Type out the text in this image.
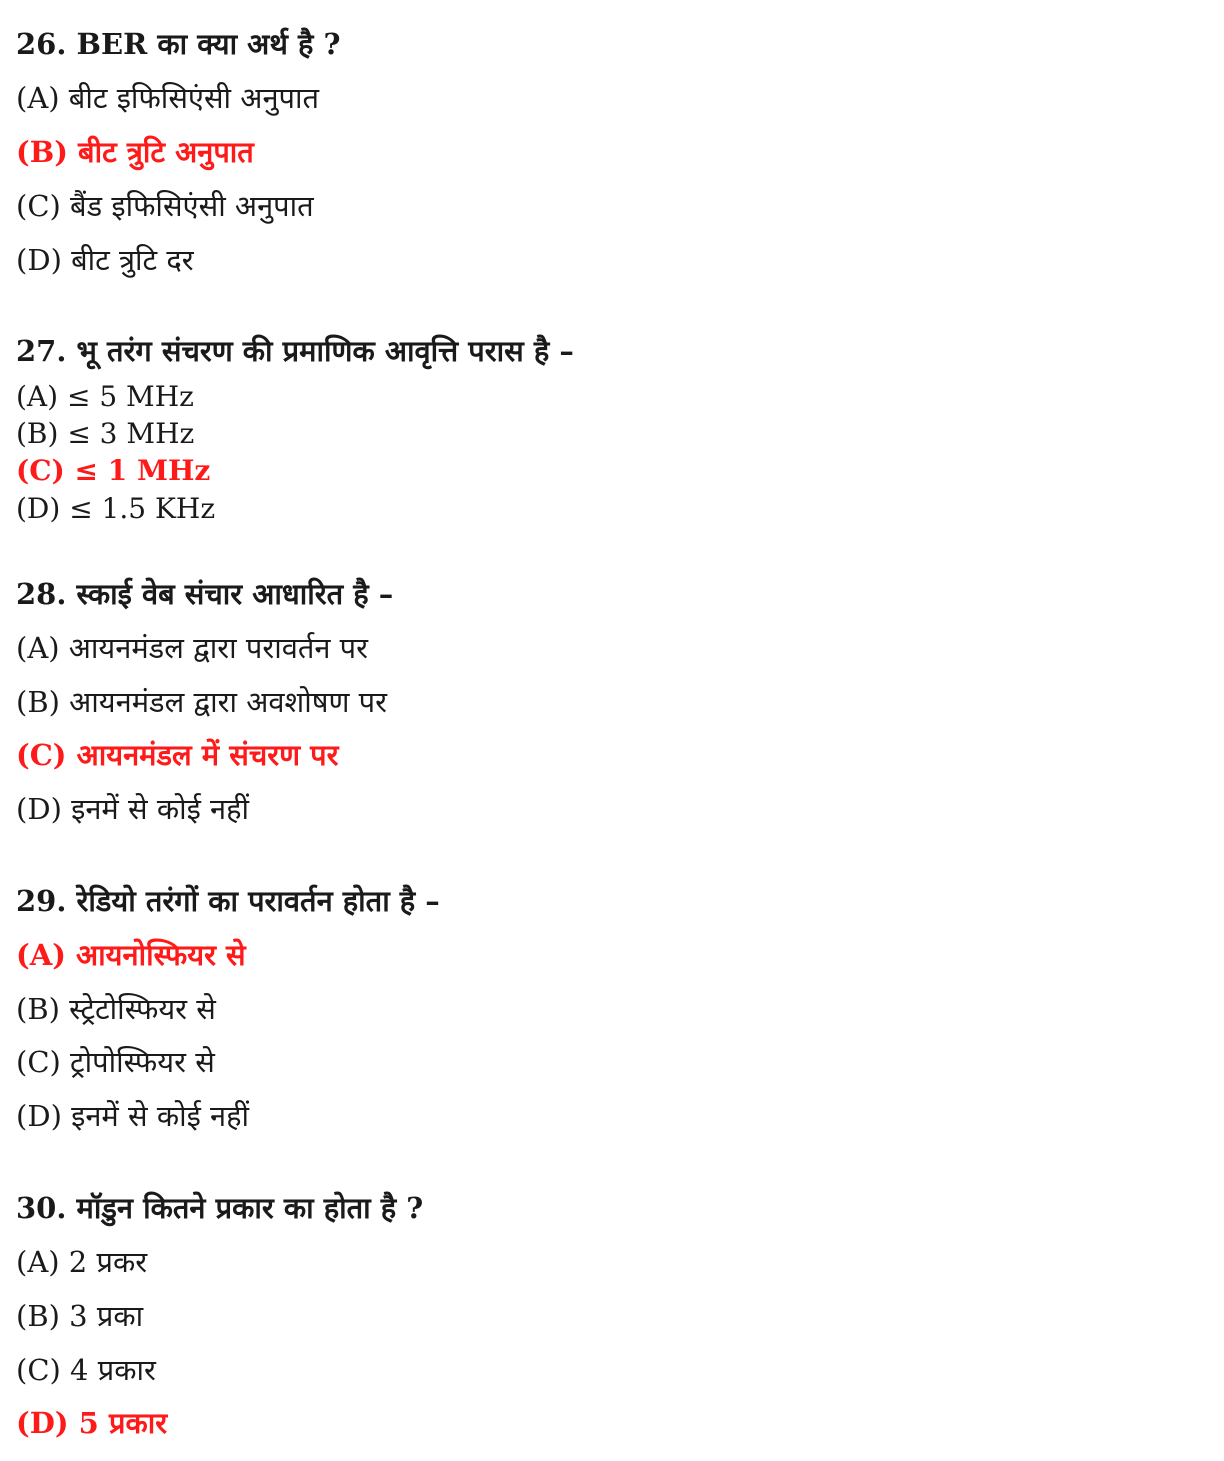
26. BER का क्या अर्थ है ?
(A) बीट इफिसिएंसी अनुपात
(B) बीट त्रुटि अनुपात
(C) बैंड इफिसिएंसी अनुपात
(D) बीट त्रुटि दर
27. भू तरंग संचरण की प्रमाणिक आवृत्ति परास है –
(A) ≤ 5 MHz
(B) ≤ 3 MHz
(C) ≤ 1 MHz
(D) ≤ 1.5 KHz
28. स्काई वेब संचार आधारित है –
(A) आयनमंडल द्वारा परावर्तन पर
(B) आयनमंडल द्वारा अवशोषण पर
(C) आयनमंडल में संचरण पर
(D) इनमें से कोई नहीं
29. रेडियो तरंगों का परावर्तन होता है –
(A) आयनोस्फियर से
(B) स्ट्रेटोस्फियर से
(C) ट्रोपोस्फियर से
(D) इनमें से कोई नहीं
30. मॉडुन कितने प्रकार का होता है ?
(A) 2 प्रकर
(B) 3 प्रका
(C) 4 प्रकार
(D) 5 प्रकार
